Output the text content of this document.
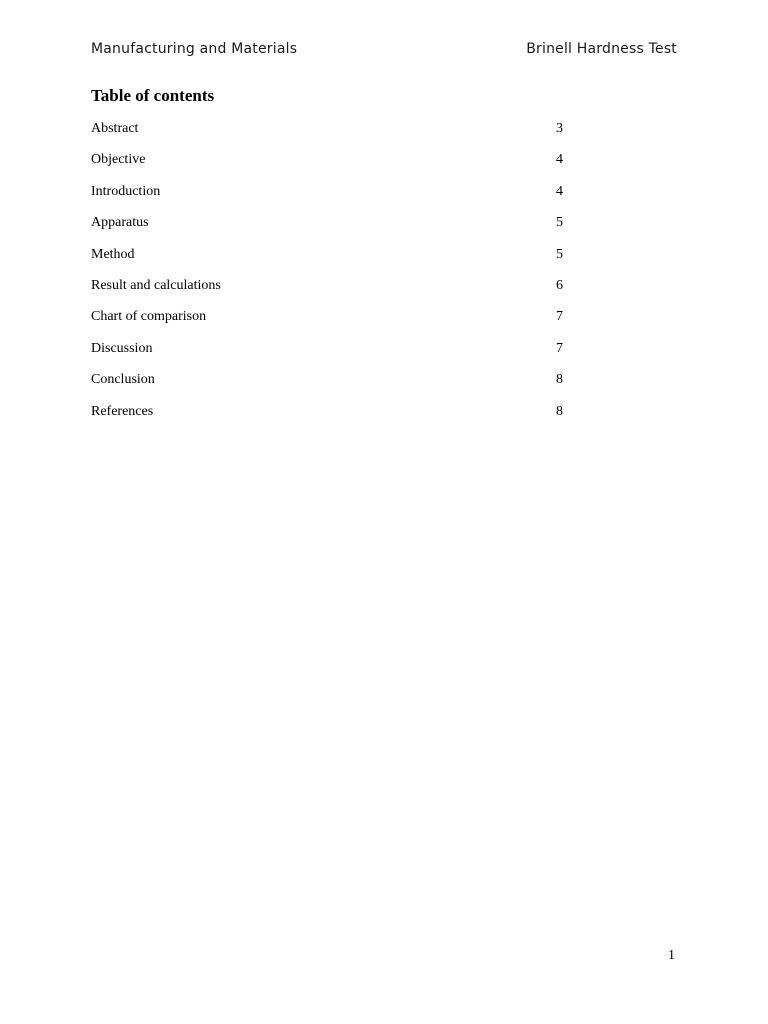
Manufacturing and Materials	Brinell Hardness Test
Table of contents
Abstract	3
Objective	4
Introduction	4
Apparatus	5
Method	5
Result and calculations	6
Chart of comparison	7
Discussion	7
Conclusion	8
References	8
1
